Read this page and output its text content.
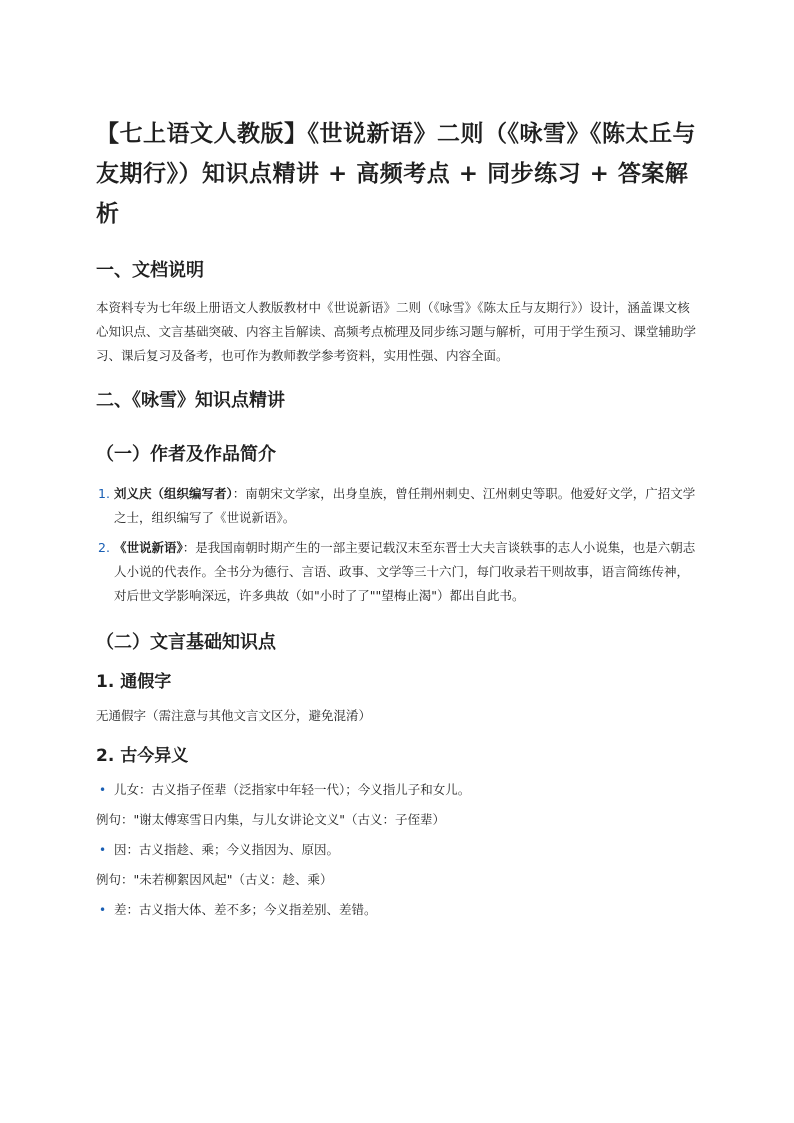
【七上语文人教版】《世说新语》二则（《咏雪》《陈太丘与友期行》）知识点精讲 + 高频考点 + 同步练习 + 答案解析
一、文档说明

本资料专为七年级上册语文人教版教材中《世说新语》二则（《咏雪》《陈太丘与友期行》）设计，涵盖课文核心知识点、文言基础突破、内容主旨解读、高频考点梳理及同步练习题与解析，可用于学生预习、课堂辅助学习、课后复习及备考，也可作为教师教学参考资料，实用性强、内容全面。

二、《咏雪》知识点精讲
（一）作者及作品简介
1. 刘义庆（组织编写者）：南朝宋文学家，出身皇族，曾任荆州刺史、江州刺史等职。他爱好文学，广招文学之士，组织编写了《世说新语》。
2. 《世说新语》：是我国南朝时期产生的一部主要记载汉末至东晋士大夫言谈轶事的志人小说集，也是六朝志人小说的代表作。全书分为德行、言语、政事、文学等三十六门，每门收录若干则故事，语言简练传神，对后世文学影响深远，许多典故（如"小时了了""望梅止渴"）都出自此书。
（二）文言基础知识点
1. 通假字

无通假字（需注意与其他文言文区分，避免混淆）

2. 古今异义
• 儿女：古义指子侄辈（泛指家中年轻一代）；今义指儿子和女儿。

例句："谢太傅寒雪日内集，与儿女讲论文义"（古义：子侄辈）

• 因：古义指趁、乘；今义指因为、原因。

例句："未若柳絮因风起"（古义：趁、乘）

• 差：古义指大体、差不多；今义指差别、差错。
